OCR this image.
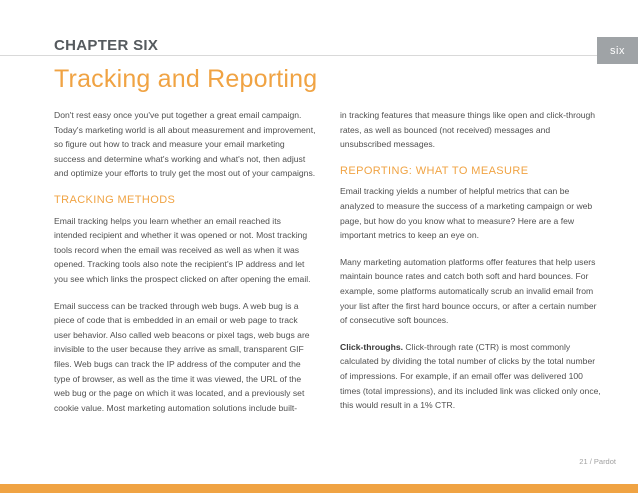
CHAPTER SIX	six
Tracking and Reporting

Don't rest easy once you've put together a great email campaign. Today's marketing world is all about measurement and improvement, so figure out how to track and measure your email marketing success and determine what's working and what's not, then adjust and optimize your efforts to truly get the most out of your campaigns.

TRACKING METHODS

Email tracking helps you learn whether an email reached its intended recipient and whether it was opened or not. Most tracking tools record when the email was received as well as when it was opened. Tracking tools also note the recipient's IP address and let you see which links the prospect clicked on after opening the email.

Email success can be tracked through web bugs. A web bug is a piece of code that is embedded in an email or web page to track user behavior. Also called web beacons or pixel tags, web bugs are invisible to the user because they arrive as small, transparent GIF files. Web bugs can track the IP address of the computer and the type of browser, as well as the time it was viewed, the URL of the web bug or the page on which it was located, and a previously set cookie value. Most marketing automation solutions include built-

in tracking features that measure things like open and click-through rates, as well as bounced (not received) messages and unsubscribed messages.

REPORTING: WHAT TO MEASURE

Email tracking yields a number of helpful metrics that can be analyzed to measure the success of a marketing campaign or web page, but how do you know what to measure? Here are a few important metrics to keep an eye on.

Many marketing automation platforms offer features that help users maintain bounce rates and catch both soft and hard bounces. For example, some platforms automatically scrub an invalid email from your list after the first hard bounce occurs, or after a certain number of consecutive soft bounces.

Click-throughs. Click-through rate (CTR) is most commonly calculated by dividing the total number of clicks by the total number of impressions. For example, if an email offer was delivered 100 times (total impressions), and its included link was clicked only once, this would result in a 1% CTR.

21 / Pardot
